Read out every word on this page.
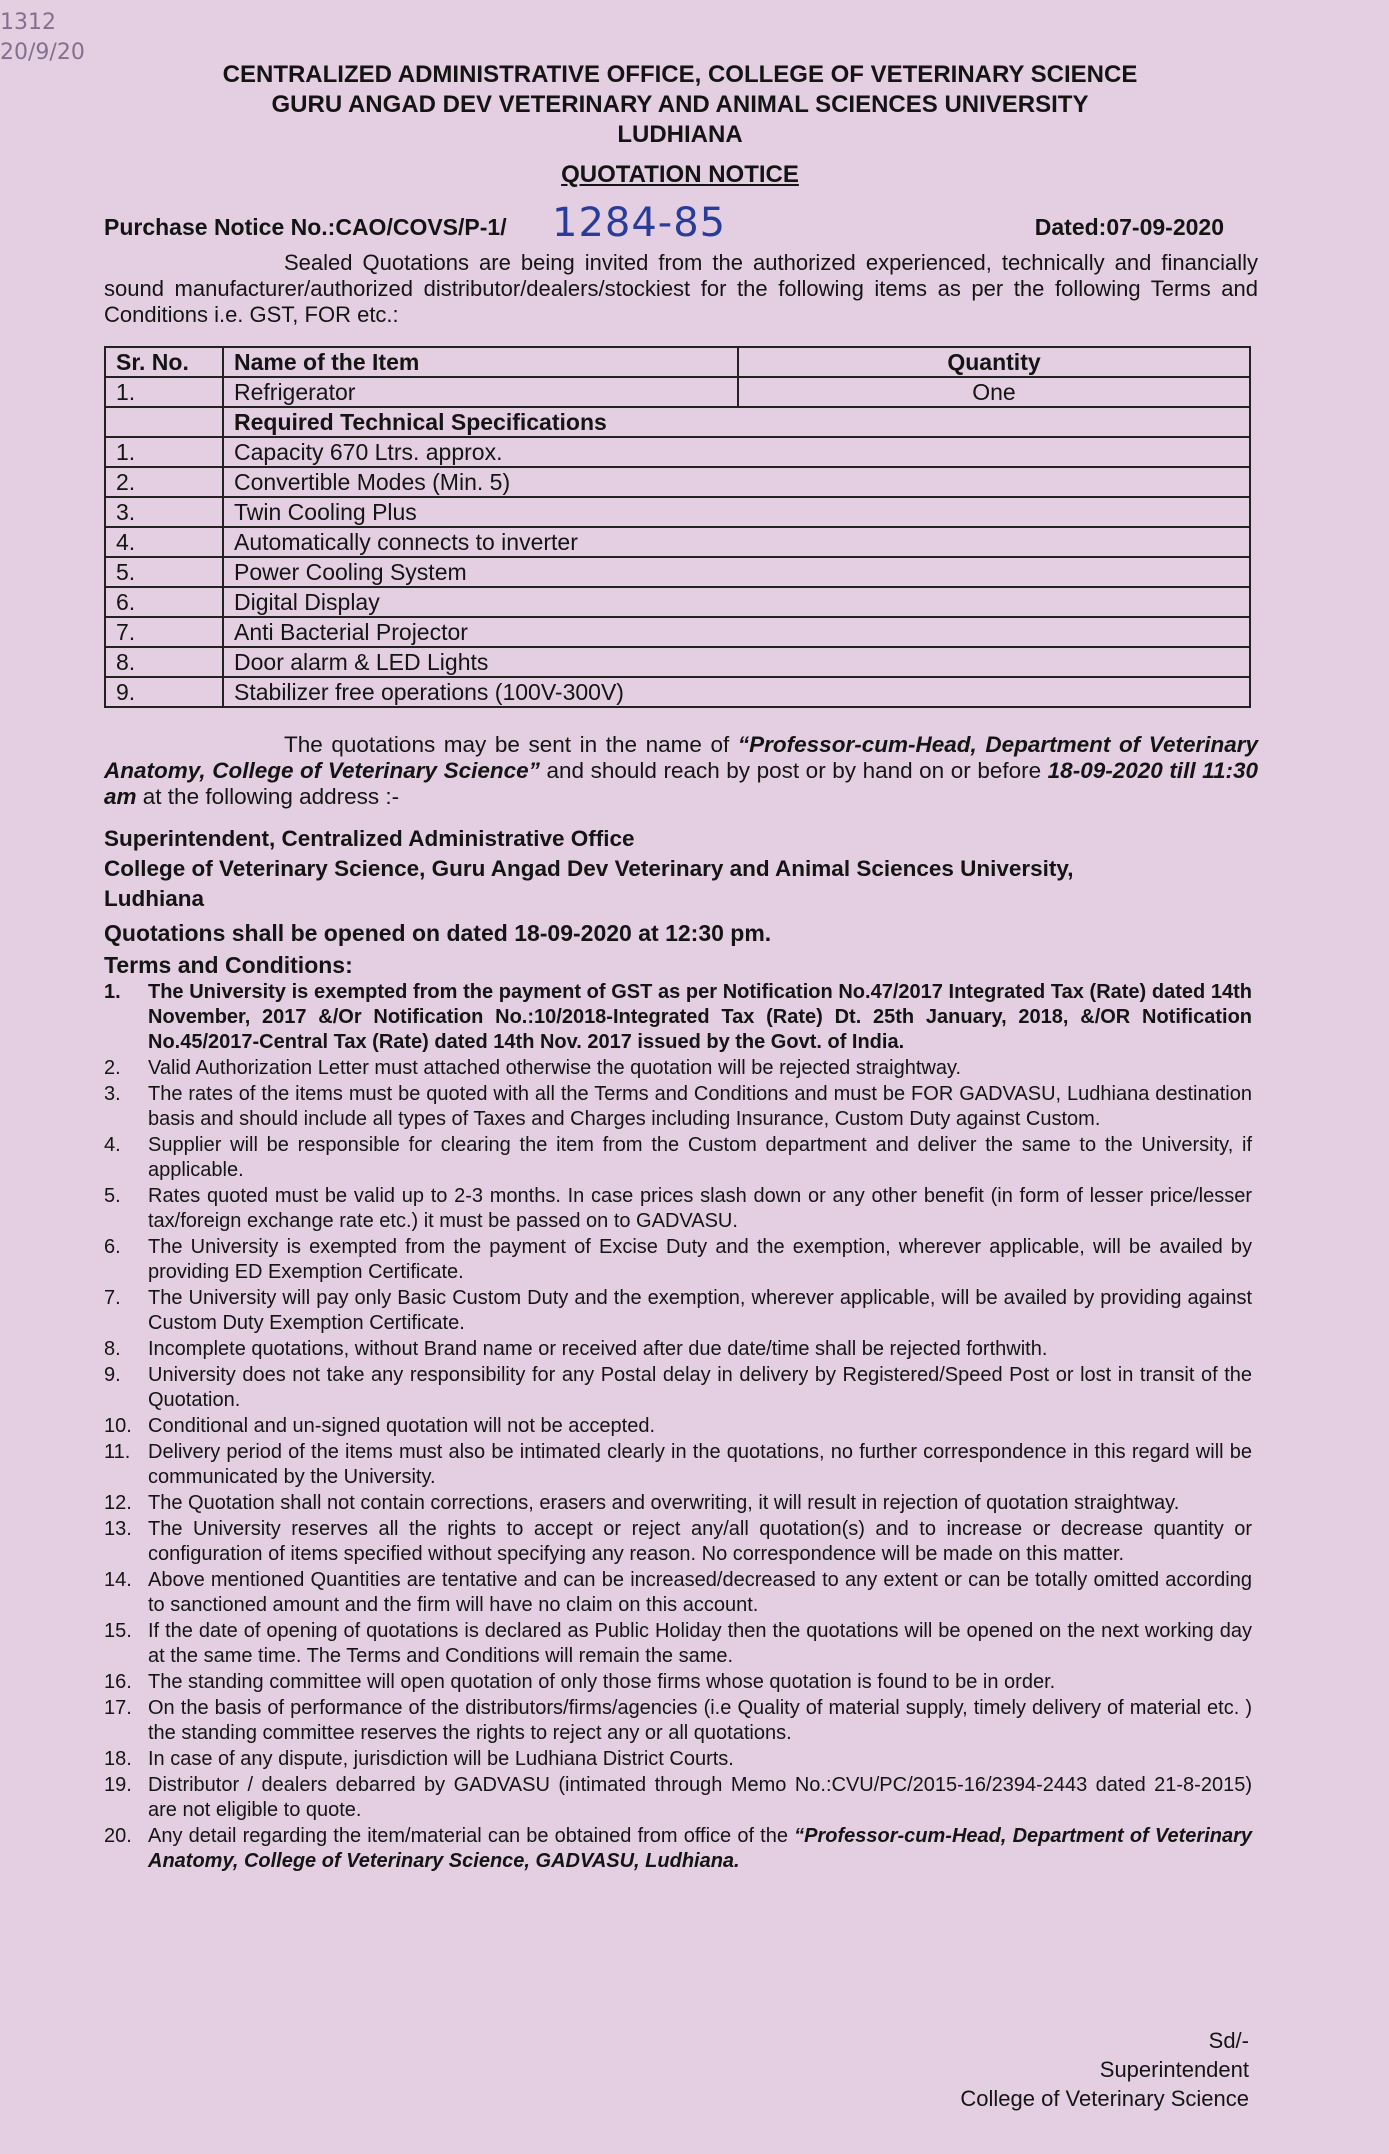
1312
20/9/20
CENTRALIZED ADMINISTRATIVE OFFICE, COLLEGE OF VETERINARY SCIENCE
GURU ANGAD DEV VETERINARY AND ANIMAL SCIENCES UNIVERSITY
LUDHIANA
QUOTATION NOTICE
Purchase Notice No.:CAO/COVS/P-1/ 1284-85	Dated:07-09-2020
Sealed Quotations are being invited from the authorized experienced, technically and financially sound manufacturer/authorized distributor/dealers/stockiest for the following items as per the following Terms and Conditions i.e. GST, FOR etc.:
Sr. No.	Name of the Item	Quantity
1.	Refrigerator	One
	Required Technical Specifications	
1.	Capacity 670 Ltrs. approx.	
2.	Convertible Modes (Min. 5)	
3.	Twin Cooling Plus	
4.	Automatically connects to inverter	
5.	Power Cooling System	
6.	Digital Display	
7.	Anti Bacterial Projector	
8.	Door alarm & LED Lights	
9.	Stabilizer free operations (100V-300V)	
The quotations may be sent in the name of “Professor-cum-Head, Department of Veterinary Anatomy, College of Veterinary Science” and should reach by post or by hand on or before 18-09-2020 till 11:30 am at the following address :-
Superintendent, Centralized Administrative Office
College of Veterinary Science, Guru Angad Dev Veterinary and Animal Sciences University,
Ludhiana
Quotations shall be opened on dated 18-09-2020 at 12:30 pm.
Terms and Conditions:
1. The University is exempted from the payment of GST as per Notification No.47/2017 Integrated Tax (Rate) dated 14th November, 2017 &/Or Notification No.:10/2018-Integrated Tax (Rate) Dt. 25th January, 2018, &/OR Notification No.45/2017-Central Tax (Rate) dated 14th Nov. 2017 issued by the Govt. of India.
2. Valid Authorization Letter must attached otherwise the quotation will be rejected straightway.
3. The rates of the items must be quoted with all the Terms and Conditions and must be FOR GADVASU, Ludhiana destination basis and should include all types of Taxes and Charges including Insurance, Custom Duty against Custom.
4. Supplier will be responsible for clearing the item from the Custom department and deliver the same to the University, if applicable.
5. Rates quoted must be valid up to 2-3 months. In case prices slash down or any other benefit (in form of lesser price/lesser tax/foreign exchange rate etc.) it must be passed on to GADVASU.
6. The University is exempted from the payment of Excise Duty and the exemption, wherever applicable, will be availed by providing ED Exemption Certificate.
7. The University will pay only Basic Custom Duty and the exemption, wherever applicable, will be availed by providing against Custom Duty Exemption Certificate.
8. Incomplete quotations, without Brand name or received after due date/time shall be rejected forthwith.
9. University does not take any responsibility for any Postal delay in delivery by Registered/Speed Post or lost in transit of the Quotation.
10. Conditional and un-signed quotation will not be accepted.
11. Delivery period of the items must also be intimated clearly in the quotations, no further correspondence in this regard will be communicated by the University.
12. The Quotation shall not contain corrections, erasers and overwriting, it will result in rejection of quotation straightway.
13. The University reserves all the rights to accept or reject any/all quotation(s) and to increase or decrease quantity or configuration of items specified without specifying any reason. No correspondence will be made on this matter.
14. Above mentioned Quantities are tentative and can be increased/decreased to any extent or can be totally omitted according to sanctioned amount and the firm will have no claim on this account.
15. If the date of opening of quotations is declared as Public Holiday then the quotations will be opened on the next working day at the same time. The Terms and Conditions will remain the same.
16. The standing committee will open quotation of only those firms whose quotation is found to be in order.
17. On the basis of performance of the distributors/firms/agencies (i.e Quality of material supply, timely delivery of material etc. ) the standing committee reserves the rights to reject any or all quotations.
18. In case of any dispute, jurisdiction will be Ludhiana District Courts.
19. Distributor / dealers debarred by GADVASU (intimated through Memo No.:CVU/PC/2015-16/2394-2443 dated 21-8-2015) are not eligible to quote.
20. Any detail regarding the item/material can be obtained from office of the “Professor-cum-Head, Department of Veterinary Anatomy, College of Veterinary Science, GADVASU, Ludhiana.
Sd/-
Superintendent
College of Veterinary Science
